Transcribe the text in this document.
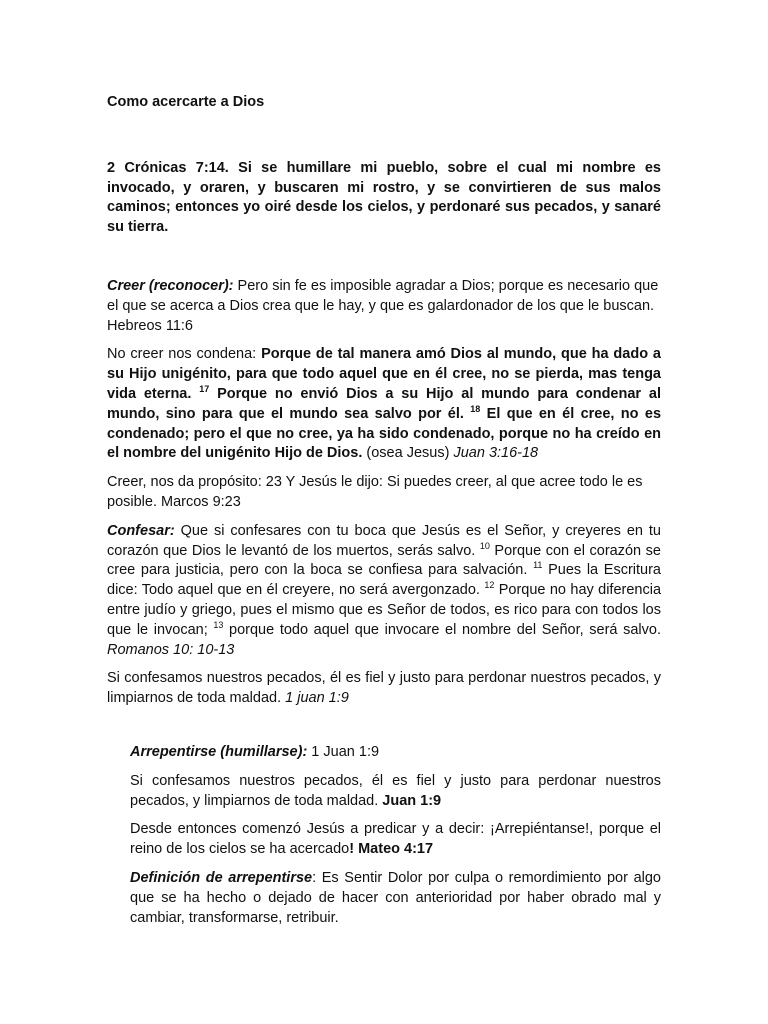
Como acercarte a Dios
2 Crónicas 7:14. Si se humillare mi pueblo, sobre el cual mi nombre es invocado, y oraren, y buscaren mi rostro, y se convirtieren de sus malos caminos; entonces yo oiré desde los cielos, y perdonaré sus pecados, y sanaré su tierra.

Creer (reconocer): Pero sin fe es imposible agradar a Dios; porque es necesario que el que se acerca a Dios crea que le hay, y que es galardonador de los que le buscan. Hebreos 11:6

No creer nos condena: Porque de tal manera amó Dios al mundo, que ha dado a su Hijo unigénito, para que todo aquel que en él cree, no se pierda, mas tenga vida eterna. $^{17}$ Porque no envió Dios a su Hijo al mundo para condenar al mundo, sino para que el mundo sea salvo por él. $^{18}$ El que en él cree, no es condenado; pero el que no cree, ya ha sido condenado, porque no ha creído en el nombre del unigénito Hijo de Dios. (osea Jesus) Juan 3:16-18

Creer, nos da propósito: 23 Y Jesús le dijo: Si puedes creer, al que acree todo le es posible. Marcos 9:23

Confesar: Que si confesares con tu boca que Jesús es el Señor, y creyeres en tu corazón que Dios le levantó de los muertos, serás salvo. $^{10}$ Porque con el corazón se cree para justicia, pero con la boca se confiesa para salvación. $^{11}$ Pues la Escritura dice: Todo aquel que en él creyere, no será avergonzado. $^{12}$ Porque no hay diferencia entre judío y griego, pues el mismo que es Señor de todos, es rico para con todos los que le invocan; $^{13}$ porque todo aquel que invocare el nombre del Señor, será salvo. Romanos 10: 10-13

Si confesamos nuestros pecados, él es fiel y justo para perdonar nuestros pecados, y limpiarnos de toda maldad. 1 juan 1:9

Arrepentirse (humillarse): 1 Juan 1:9

Si confesamos nuestros pecados, él es fiel y justo para perdonar nuestros pecados, y limpiarnos de toda maldad. Juan 1:9

Desde entonces comenzó Jesús a predicar y a decir: ¡Arrepiéntanse!, porque el reino de los cielos se ha acercado! Mateo 4:17

Definición de arrepentirse: Es Sentir Dolor por culpa o remordimiento por algo que se ha hecho o dejado de hacer con anterioridad por haber obrado mal y cambiar, transformarse, retribuir.
